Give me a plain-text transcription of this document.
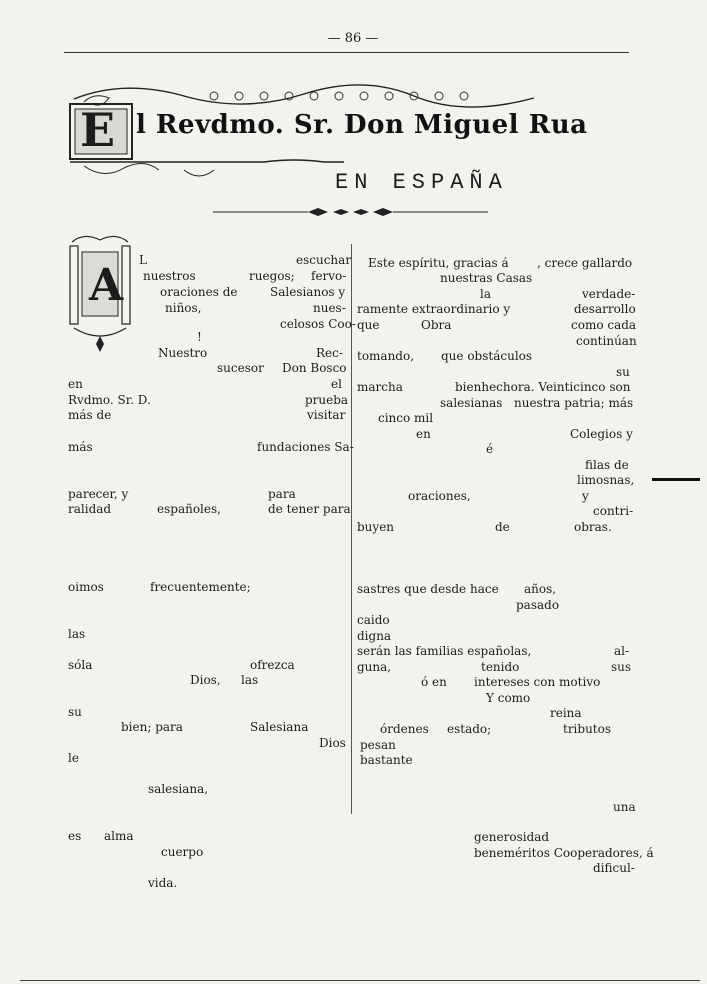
— 86 —
E l Revdmo. Sr. Don Miguel Rua
EN ESPAÑA
A L	escuchar
nuestros	ruegos; fervo-
oraciones de	Salesianos y
niños,	nues-
celosos Coo-
!
Nuestro	Rec-
sucesor Don Bosco
en	el
Rvdmo. Sr. D.	prueba
más de	visitar
más	fundaciones Sa-
parecer, y	para
ralidad	españoles,	de tener para
oimos	frecuentemente;
las
sóla	ofrezca
Dios, las
su
bien; para	Salesiana
Dios
le
salesiana,
es alma
cuerpo
vida.
Este espíritu, gracias á , crece gallardo
nuestras Casas
la	verdade-
ramente extraordinario y	desarrollo
que	Obra	como cada
continúan
tomando, que obstáculos
su
marcha	bienhechora. Veinticinco son
salesianas nuestra patria; más
cinco mil
en	Colegios y
é
filas de
limosnas,
oraciones,	y
contri-
buyen	de	obras.
sastres que desde hace años,
pasado
caido
digna
serán las familias españolas,	al-
guna,	tenido	sus
ó en intereses con motivo
Y como
reina
órdenes estado;	tributos
pesan
bastante
una
generosidad
beneméritos Cooperadores, á
dificul-
